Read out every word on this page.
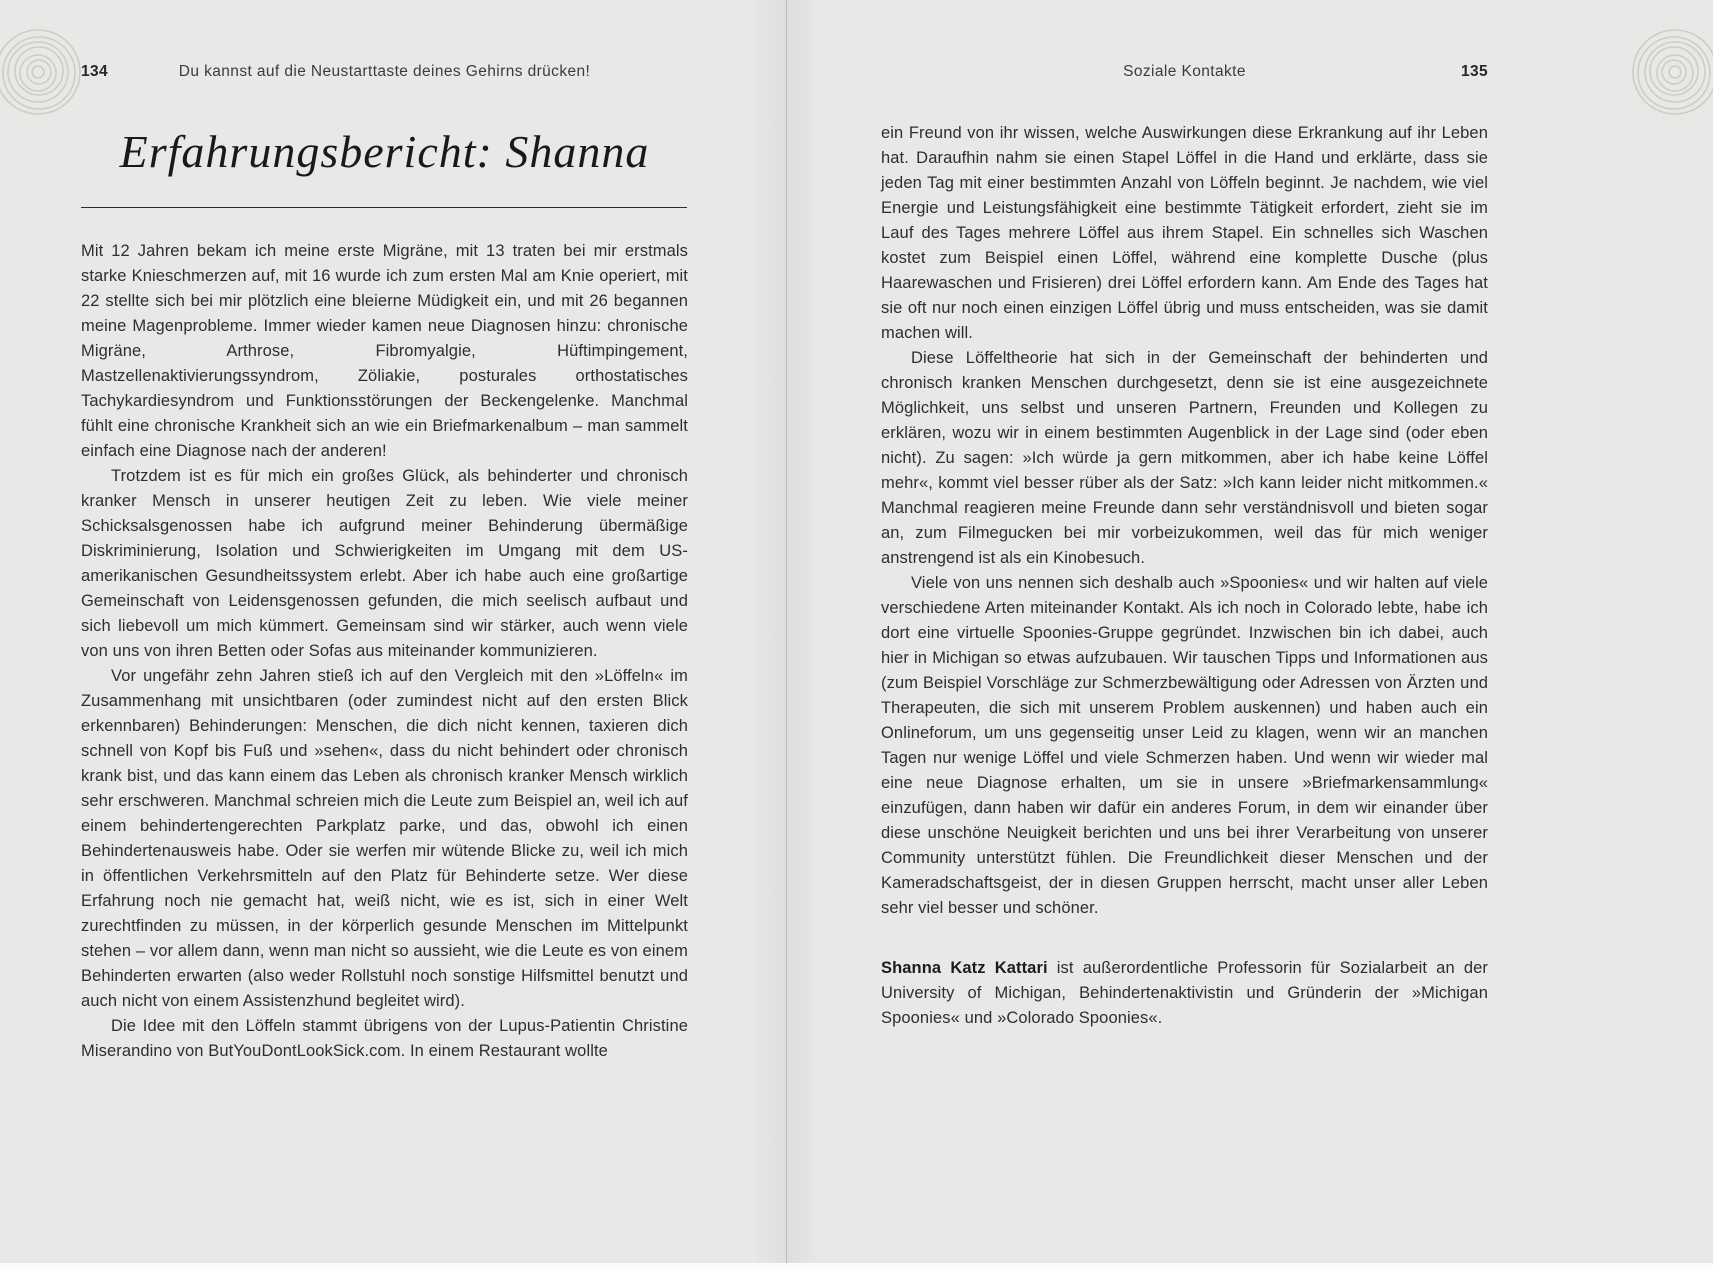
134	Du kannst auf die Neustarttaste deines Gehirns drücken!
Erfahrungsbericht: Shanna

Mit 12 Jahren bekam ich meine erste Migräne, mit 13 traten bei mir erstmals starke Knieschmerzen auf, mit 16 wurde ich zum ersten Mal am Knie operiert, mit 22 stellte sich bei mir plötzlich eine bleierne Müdigkeit ein, und mit 26 begannen meine Magenprobleme. Immer wieder kamen neue Diagnosen hinzu: chronische Migräne, Arthrose, Fibromyalgie, Hüftimpingement, Mastzellenaktivierungssyndrom, Zöliakie, posturales orthostatisches Tachykardiesyndrom und Funktionsstörungen der Beckengelenke. Manchmal fühlt eine chronische Krankheit sich an wie ein Briefmarkenalbum – man sammelt einfach eine Diagnose nach der anderen!

Trotzdem ist es für mich ein großes Glück, als behinderter und chronisch kranker Mensch in unserer heutigen Zeit zu leben. Wie viele meiner Schicksalsgenossen habe ich aufgrund meiner Behinderung übermäßige Diskriminierung, Isolation und Schwierigkeiten im Umgang mit dem US-amerikanischen Gesundheitssystem erlebt. Aber ich habe auch eine großartige Gemeinschaft von Leidensgenossen gefunden, die mich seelisch aufbaut und sich liebevoll um mich kümmert. Gemeinsam sind wir stärker, auch wenn viele von uns von ihren Betten oder Sofas aus miteinander kommunizieren.

Vor ungefähr zehn Jahren stieß ich auf den Vergleich mit den »Löffeln« im Zusammenhang mit unsichtbaren (oder zumindest nicht auf den ersten Blick erkennbaren) Behinderungen: Menschen, die dich nicht kennen, taxieren dich schnell von Kopf bis Fuß und »sehen«, dass du nicht behindert oder chronisch krank bist, und das kann einem das Leben als chronisch kranker Mensch wirklich sehr erschweren. Manchmal schreien mich die Leute zum Beispiel an, weil ich auf einem behindertengerechten Parkplatz parke, und das, obwohl ich einen Behindertenausweis habe. Oder sie werfen mir wütende Blicke zu, weil ich mich in öffentlichen Verkehrsmitteln auf den Platz für Behinderte setze. Wer diese Erfahrung noch nie gemacht hat, weiß nicht, wie es ist, sich in einer Welt zurechtfinden zu müssen, in der körperlich gesunde Menschen im Mittelpunkt stehen – vor allem dann, wenn man nicht so aussieht, wie die Leute es von einem Behinderten erwarten (also weder Rollstuhl noch sonstige Hilfsmittel benutzt und auch nicht von einem Assistenzhund begleitet wird).

Die Idee mit den Löffeln stammt übrigens von der Lupus-Patientin Christine Miserandino von ButYouDontLookSick.com. In einem Restaurant wollte

Soziale Kontakte	135

ein Freund von ihr wissen, welche Auswirkungen diese Erkrankung auf ihr Leben hat. Daraufhin nahm sie einen Stapel Löffel in die Hand und erklärte, dass sie jeden Tag mit einer bestimmten Anzahl von Löffeln beginnt. Je nachdem, wie viel Energie und Leistungsfähigkeit eine bestimmte Tätigkeit erfordert, zieht sie im Lauf des Tages mehrere Löffel aus ihrem Stapel. Ein schnelles sich Waschen kostet zum Beispiel einen Löffel, während eine komplette Dusche (plus Haarewaschen und Frisieren) drei Löffel erfordern kann. Am Ende des Tages hat sie oft nur noch einen einzigen Löffel übrig und muss entscheiden, was sie damit machen will.

Diese Löffeltheorie hat sich in der Gemeinschaft der behinderten und chronisch kranken Menschen durchgesetzt, denn sie ist eine ausgezeichnete Möglichkeit, uns selbst und unseren Partnern, Freunden und Kollegen zu erklären, wozu wir in einem bestimmten Augenblick in der Lage sind (oder eben nicht). Zu sagen: »Ich würde ja gern mitkommen, aber ich habe keine Löffel mehr«, kommt viel besser rüber als der Satz: »Ich kann leider nicht mitkommen.« Manchmal reagieren meine Freunde dann sehr verständnisvoll und bieten sogar an, zum Filmegucken bei mir vorbeizukommen, weil das für mich weniger anstrengend ist als ein Kinobesuch.

Viele von uns nennen sich deshalb auch »Spoonies« und wir halten auf viele verschiedene Arten miteinander Kontakt. Als ich noch in Colorado lebte, habe ich dort eine virtuelle Spoonies-Gruppe gegründet. Inzwischen bin ich dabei, auch hier in Michigan so etwas aufzubauen. Wir tauschen Tipps und Informationen aus (zum Beispiel Vorschläge zur Schmerzbewältigung oder Adressen von Ärzten und Therapeuten, die sich mit unserem Problem auskennen) und haben auch ein Onlineforum, um uns gegenseitig unser Leid zu klagen, wenn wir an manchen Tagen nur wenige Löffel und viele Schmerzen haben. Und wenn wir wieder mal eine neue Diagnose erhalten, um sie in unsere »Briefmarkensammlung« einzufügen, dann haben wir dafür ein anderes Forum, in dem wir einander über diese unschöne Neuigkeit berichten und uns bei ihrer Verarbeitung von unserer Community unterstützt fühlen. Die Freundlichkeit dieser Menschen und der Kameradschaftsgeist, der in diesen Gruppen herrscht, macht unser aller Leben sehr viel besser und schöner.

Shanna Katz Kattari ist außerordentliche Professorin für Sozialarbeit an der University of Michigan, Behindertenaktivistin und Gründerin der »Michigan Spoonies« und »Colorado Spoonies«.
